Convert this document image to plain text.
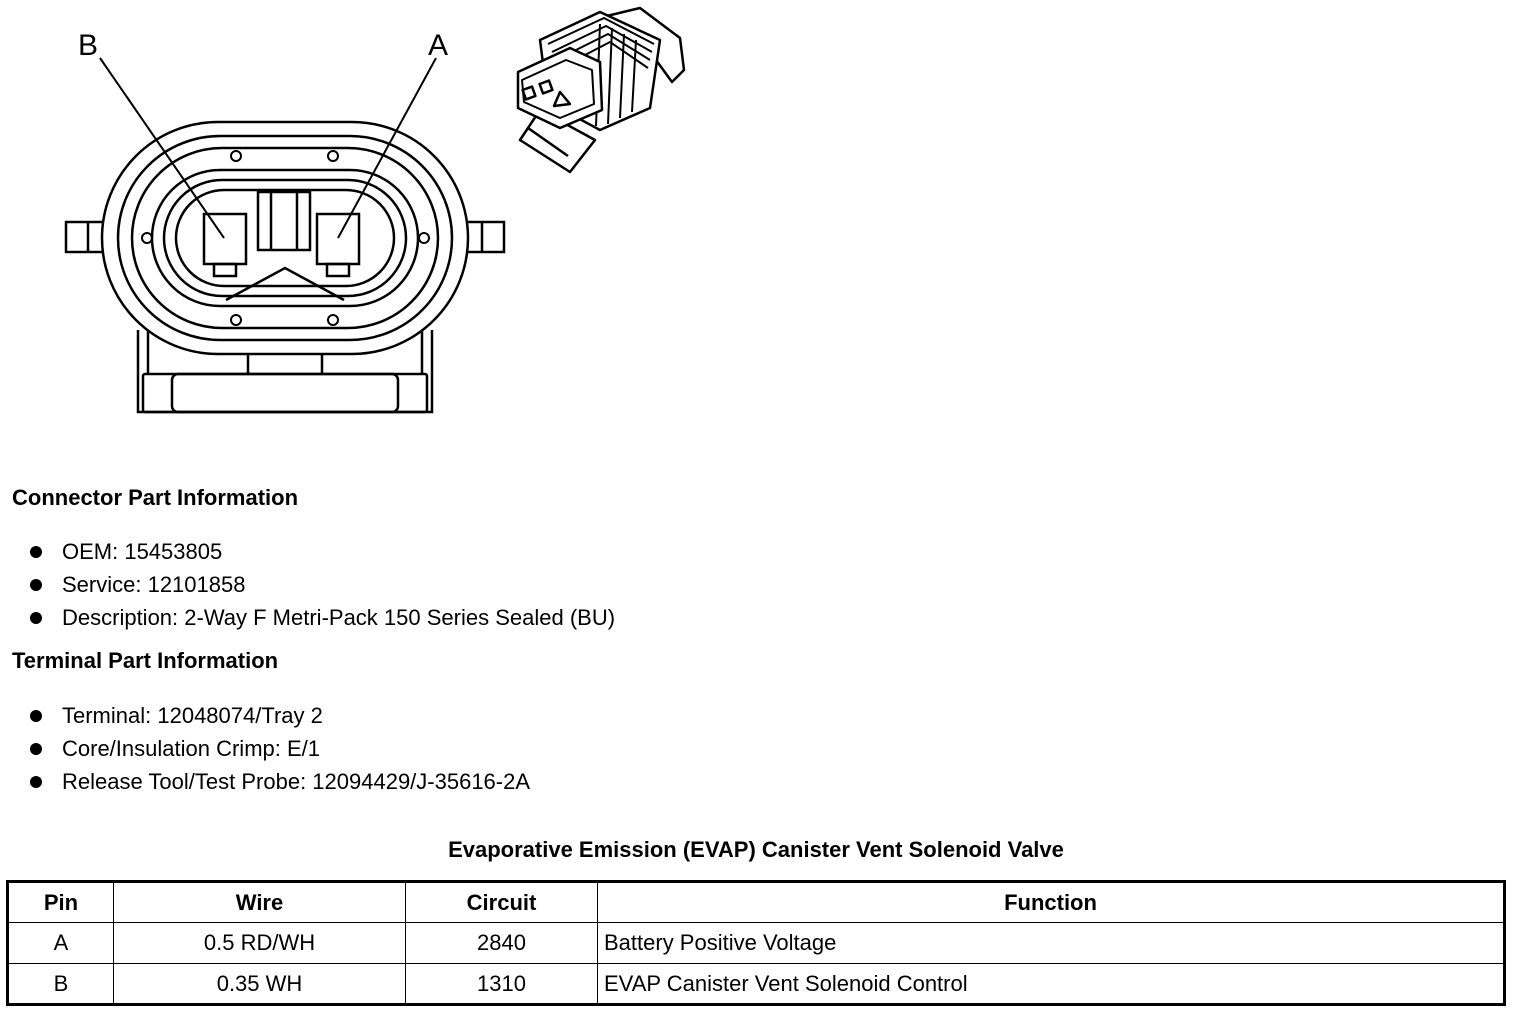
B	A
Connector Part Information
OEM: 15453805
Service: 12101858
Description: 2-Way F Metri-Pack 150 Series Sealed (BU)
Terminal Part Information
Terminal: 12048074/Tray 2
Core/Insulation Crimp: E/1
Release Tool/Test Probe: 12094429/J-35616-2A
Evaporative Emission (EVAP) Canister Vent Solenoid Valve
Pin	Wire	Circuit	Function
A	0.5 RD/WH	2840	Battery Positive Voltage
B	0.35 WH	1310	EVAP Canister Vent Solenoid Control
